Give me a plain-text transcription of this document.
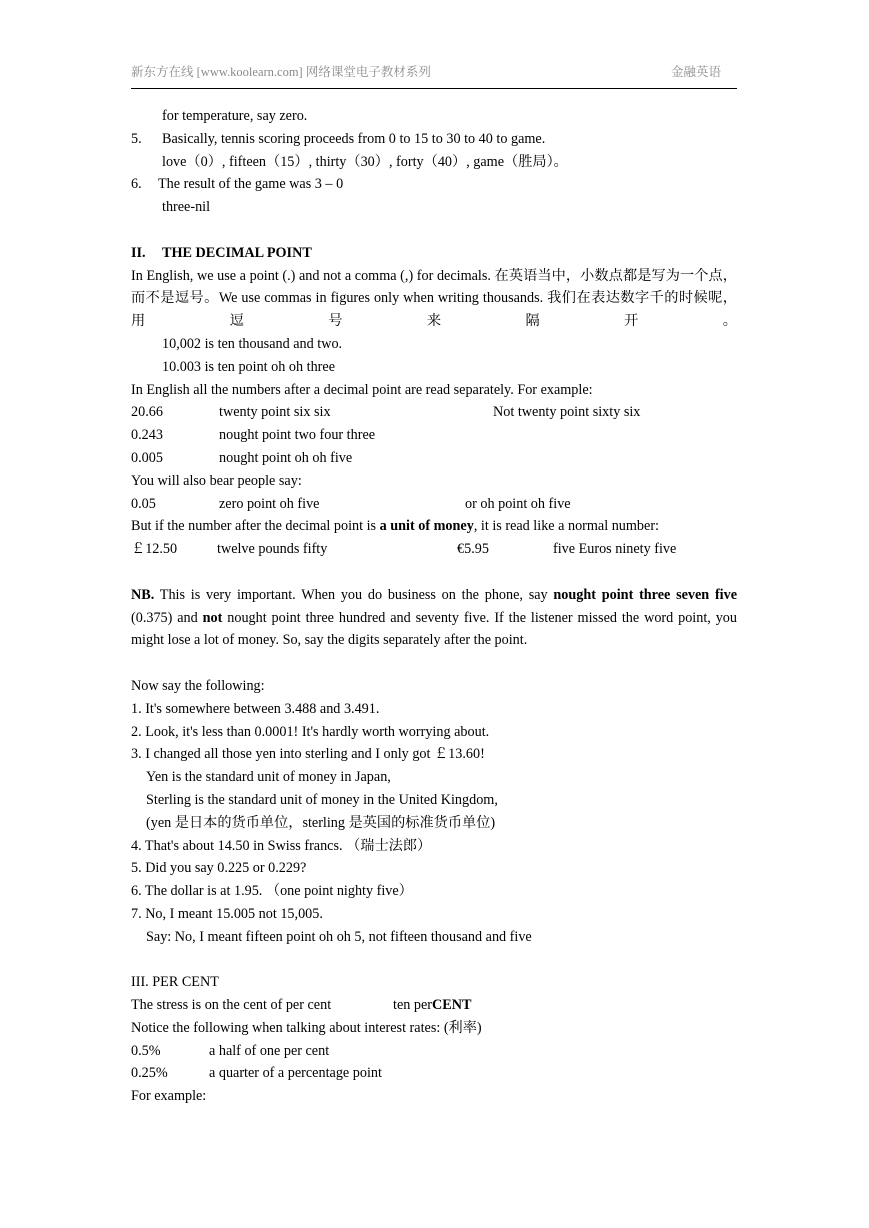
新东方在线 [www.koolearn.com] 网络课堂电子教材系列	金融英语
for temperature, say zero.
5. Basically, tennis scoring proceeds from 0 to 15 to 30 to 40 to game.
love（0）, fifteen（15）, thirty（30）, forty（40）, game（胜局）。
6. The result of the game was 3 – 0
three-nil
II. THE DECIMAL POINT
In English, we use a point (.) and not a comma (,) for decimals. 在英语当中，小数点都是写为一个点，而不是逗号。We use commas in figures only when writing thousands. 我们在表达数字千的时候呢，用逗号来隔开。
10,002 is ten thousand and two.
10.003 is ten point oh oh three
In English all the numbers after a decimal point are read separately. For example:
20.66	twenty point six six	Not twenty point sixty six
0.243	nought point two four three
0.005	nought point oh oh five
You will also bear people say:
0.05	zero point oh five	or oh point oh five
But if the number after the decimal point is a unit of money, it is read like a normal number:
￡12.50	twelve pounds fifty	€5.95	five Euros ninety five
NB. This is very important. When you do business on the phone, say nought point three seven five (0.375) and not nought point three hundred and seventy five. If the listener missed the word point, you might lose a lot of money. So, say the digits separately after the point.
Now say the following:
1. It's somewhere between 3.488 and 3.491.
2. Look, it's less than 0.0001! It's hardly worth worrying about.
3. I changed all those yen into sterling and I only got ￡13.60!
Yen is the standard unit of money in Japan,
Sterling is the standard unit of money in the United Kingdom,
(yen 是日本的货币单位，sterling 是英国的标准货币单位)
4. That's about 14.50 in Swiss francs. （瑞士法郎）
5. Did you say 0.225 or 0.229?
6. The dollar is at 1.95. （one point nighty five）
7. No, I meant 15.005 not 15,005.
Say: No, I meant fifteen point oh oh 5, not fifteen thousand and five
III. PER CENT
The stress is on the cent of per cent	ten perCENT
Notice the following when talking about interest rates: (利率)
0.5%	a half of one per cent
0.25%	a quarter of a percentage point
For example:
